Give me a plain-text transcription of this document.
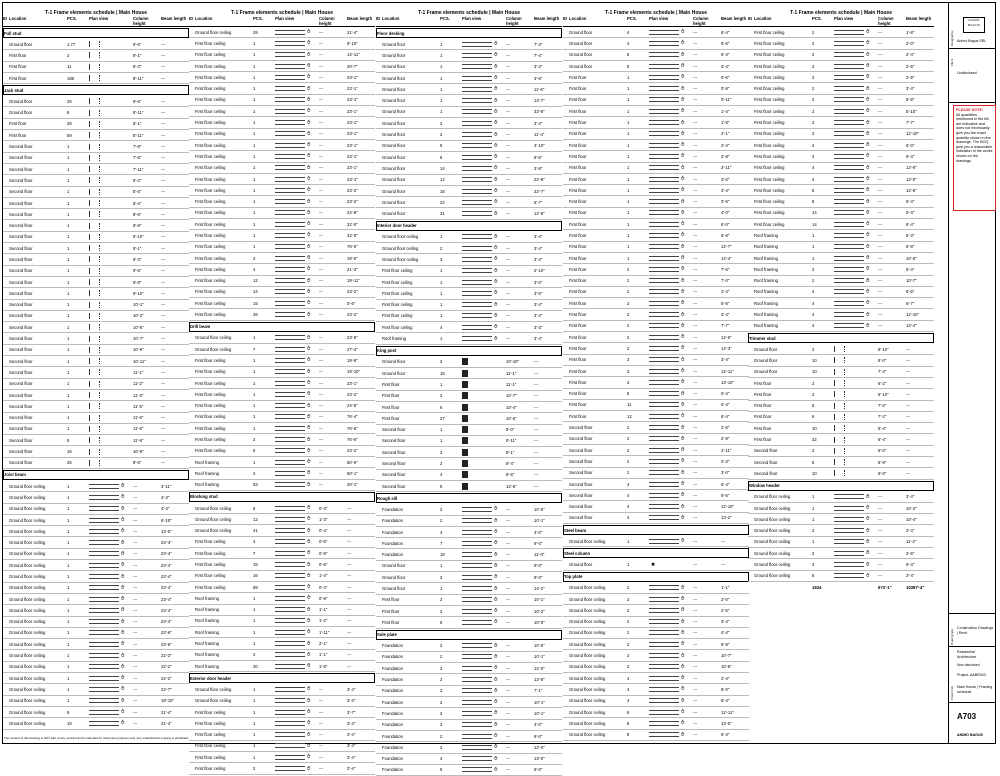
T-1 Frame elements schedule | Main House
ID Location	PCS.	Plan view	Column height
Beam length
Full stud
Ground floor	1.77	9'-6"	---
First floor	2	9'-1"	---
First floor	11	8'-3"	---
First floor	188	8'-11"	---
Jack stud
Ground floor	26	9'-6"	---
Ground floor	8	8'-11"	---
First floor	28	8'-1"	---
First floor	59	8'-11"	---
Second floor	1	7'-8"	---
Second floor	1	7'-6"	---
Second floor	1	7'-11"	---
Second floor	1	8'-2"	---
Second floor	1	8'-5"	---
Second floor	1	8'-4"	---
Second floor	1	8'-6"	---
Second floor	1	8'-8"	---
Second floor	1	8'-10"	---
Second floor	1	9'-1"	---
Second floor	1	9'-3"	---
Second floor	1	9'-5"	---
Second floor	1	9'-8"	---
Second floor	1	9'-10"	---
Second floor	1	10'-1"	---
Second floor	1	10'-2"	---
Second floor	1	10'-5"	---
Second floor	1	10'-7"	---
Second floor	1	10'-9"	---
Second floor	1	10'-11"	---
Second floor	1	11'-1"	---
Second floor	1	11'-2"	---
Second floor	1	11'-3"	---
Second floor	1	11'-5"	---
Second floor	1	11'-6"	---
Second floor	1	11'-8"	---
Second floor	5	11'-9"	---
Second floor	16	10'-9"	---
Second floor	25	8'-6"	---
Joist beam
Ground floor ceiling	1	⥀ ---	3'-11"
Ground floor ceiling	1	⥀ ---	4'-3"
Ground floor ceiling	1	⥀ ---	4'-3"
Ground floor ceiling	1	⥀ ---	6'-10"
Ground floor ceiling	1	⥀ ---	13'-0"
Ground floor ceiling	1	⥀ ---	23'-4"
Ground floor ceiling	1	⥀ ---	23'-4"
Ground floor ceiling	1	⥀ ---	23'-4"
Ground floor ceiling	1	⥀ ---	23'-4"
Ground floor ceiling	1	⥀ ---	23'-4"
Ground floor ceiling	1	⥀ ---	23'-4"
Ground floor ceiling	1	⥀ ---	23'-4"
Ground floor ceiling	1	⥀ ---	23'-4"
Ground floor ceiling	1	⥀ ---	23'-6"
Ground floor ceiling	1	⥀ ---	23'-6"
Ground floor ceiling	1	⥀ ---	22'-3"
Ground floor ceiling	1	⥀ ---	22'-2"
Ground floor ceiling	1	⥀ ---	22'-2"
Ground floor ceiling	1	⥀ ---	22'-7"
Ground floor ceiling	1	⥀ ---	19'-10"
Ground floor ceiling	9	⥀ ---	21'-4"
Ground floor ceiling	18	⥀ ---	21'-4"
T-1 Frame elements schedule | Main House
ID Location	PCS.	Plan view	Column height
Beam length
Ground floor ceiling	29	⥀ ---	21'-4"
First floor ceiling	1	⥀ ---	9'-10"
First floor ceiling	1	⥀ ---	14'-11"
First floor ceiling	1	⥀ ---	20'-7"
First floor ceiling	1	⥀ ---	23'-1"
First floor ceiling	1	⥀ ---	23'-1"
First floor ceiling	1	⥀ ---	23'-1"
First floor ceiling	1	⥀ ---	23'-1"
First floor ceiling	1	⥀ ---	23'-1"
First floor ceiling	1	⥀ ---	23'-1"
First floor ceiling	1	⥀ ---	23'-1"
First floor ceiling	1	⥀ ---	23'-1"
First floor ceiling	1	⥀ ---	23'-1"
First floor ceiling	1	⥀ ---	23'-1"
First floor ceiling	1	⥀ ---	23'-2"
First floor ceiling	1	⥀ ---	23'-2"
First floor ceiling	1	⥀ ---	24'-9"
First floor ceiling	1	⥀ ---	32'-0"
First floor ceiling	1	⥀ ---	32'-0"
First floor ceiling	1	⥀ ---	76'-5"
First floor ceiling	3	⥀ ---	19'-0"
First floor ceiling	4	⥀ ---	21'-3"
First floor ceiling	12	⥀ ---	19'-11"
First floor ceiling	14	⥀ ---	23'-2"
First floor ceiling	15	⥀ ---	0'-6"
First floor ceiling	26	⥀ ---	23'-2"
Drill beam
Ground floor ceiling	1	⥀ ---	23'-8"
Ground floor ceiling	7	⥀ ---	27'-4"
First floor ceiling	1	⥀ ---	19'-8"
First floor ceiling	1	⥀ ---	19'-10"
First floor ceiling	1	⥀ ---	23'-1"
First floor ceiling	1	⥀ ---	23'-2"
First floor ceiling	1	⥀ ---	24'-8"
First floor ceiling	1	⥀ ---	76'-4"
First floor ceiling	1	⥀ ---	76'-5"
First floor ceiling	2	⥀ ---	76'-6"
First floor ceiling	6	⥀ ---	23'-2"
Roof framing	1	⥀ ---	50'-6"
Roof framing	2	⥀ ---	50'-1"
Roof framing	53	⥀ ---	20'-1"
Blocking stud
Ground floor ceiling	6	⥀ 0'-3"	---
Ground floor ceiling	12	⥀ 1'-3"	---
Ground floor ceiling	41	⥀ 0'-4"	---
First floor ceiling	4	⥀ 0'-5"	---
First floor ceiling	7	⥀ 0'-9"	---
First floor ceiling	15	⥀ 0'-6"	---
First floor ceiling	16	⥀ 1'-4"	---
First floor ceiling	89	⥀ 0'-4"	---
Roof framing	1	⥀ 0'-9"	---
Roof framing	1	⥀ 1'-1"	---
Roof framing	1	⥀ 1'-2"	---
Roof framing	1	⥀ 1'-11"	---
Roof framing	1	⥀ 2'-1"	---
Roof framing	2	⥀ 1'-1"	---
Roof framing	20	⥀ 1'-8"	---
Exterior door header
Ground floor ceiling	1	⥀ ---	3'-4"
Ground floor ceiling	1	⥀ ---	3'-4"
First floor ceiling	1	⥀ ---	3'-7"
First floor ceiling	1	⥀ ---	3'-4"
First floor ceiling	1	⥀ ---	3'-4"
First floor ceiling	1	⥀ ---	3'-4"
First floor ceiling	1	⥀ ---	3'-4"
First floor ceiling	2	⥀ ---	3'-4"
T-1 Frame elements schedule | Main House
ID Location	PCS.	Plan view	Column height
Beam length
Floor decking
Ground floor	1	⥀ ---	7'-3"
Ground floor	1	⥀ ---	7'-4"
Ground floor	1	⥀ ---	3'-3"
Ground floor	1	⥀ ---	3'-6"
Ground floor	1	⥀ ---	11'-6"
Ground floor	1	⥀ ---	13'-7"
Ground floor	1	⥀ ---	33'-8"
Ground floor	2	⥀ ---	3'-4"
Ground floor	2	⥀ ---	11'-4"
Ground floor	6	⥀ ---	4'-10"
Ground floor	6	⥀ ---	8'-6"
Ground floor	14	⥀ ---	3'-8"
Ground floor	14	⥀ ---	22'-6"
Ground floor	18	⥀ ---	22'-7"
Ground floor	22	⥀ ---	6'-7"
Ground floor	31	⥀ ---	12'-6"
Interior door header
Ground floor ceiling	1	⥀ ---	3'-4"
Ground floor ceiling	2	⥀ ---	3'-4"
Ground floor ceiling	3	⥀ ---	3'-4"
First floor ceiling	1	⥀ ---	2'-10"
First floor ceiling	1	⥀ ---	3'-0"
First floor ceiling	1	⥀ ---	3'-0"
First floor ceiling	1	⥀ ---	3'-4"
First floor ceiling	1	⥀ ---	3'-4"
First floor ceiling	4	⥀ ---	3'-3"
Roof framing	1	⥀ ---	3'-4"
King post
Ground floor	2	10'-10"	---
Ground floor	16	11'-1"	---
First floor	1	11'-1"	---
First floor	2	10'-7"	---
First floor	6	10'-4"	---
First floor	27	10'-5"	---
Second floor	1	8'-0"	---
Second floor	1	9'-11"	---
Second floor	2	8'-1"	---
Second floor	2	8'-4"	---
Second floor	4	8'-8"	---
Second floor	5	12'-6"	---
Rough sill
Foundation	2	⥀ ---	10'-0"
Foundation	2	⥀ ---	10'-1"
Foundation	4	⥀ ---	4'-0"
Foundation	7	⥀ ---	9'-0"
Foundation	18	⥀ ---	11'-0"
Ground floor	1	⥀ ---	9'-0"
Ground floor	2	⥀ ---	9'-0"
Ground floor	1	⥀ ---	14'-2"
First floor	2	⥀ ---	10'-1"
First floor	2	⥀ ---	10'-2"
First floor	6	⥀ ---	10'-0"
Sole plate
Foundation	2	⥀ ---	10'-0"
Foundation	2	⥀ ---	10'-1"
Foundation	2	⥀ ---	12'-0"
Foundation	2	⥀ ---	13'-8"
Foundation	2	⥀ ---	7'-1"
Foundation	2	⥀ ---	10'-1"
Foundation	2	⥀ ---	10'-1"
Foundation	2	⥀ ---	4'-0"
Foundation	2	⥀ ---	9'-0"
Foundation	2	⥀ ---	12'-0"
Foundation	4	⥀ ---	13'-0"
Foundation	6	⥀ ---	6'-0"
T-1 Frame elements schedule | Main House
ID Location	PCS.	Plan view	Column height
Beam length
Ground floor	4	⥀ ---	6'-4"
Ground floor	4	⥀ ---	6'-6"
Ground floor	6	⥀ ---	6'-4"
Ground floor	8	⥀ ---	3'-4"
First floor	1	⥀ ---	0'-6"
First floor	1	⥀ ---	0'-8"
First floor	1	⥀ ---	0'-11"
First floor	1	⥀ ---	1'-4"
First floor	1	⥀ ---	1'-8"
First floor	1	⥀ ---	2'-1"
First floor	1	⥀ ---	2'-4"
First floor	1	⥀ ---	2'-8"
First floor	1	⥀ ---	2'-11"
First floor	1	⥀ ---	3'-0"
First floor	1	⥀ ---	3'-4"
First floor	1	⥀ ---	3'-6"
First floor	1	⥀ ---	4'-0"
First floor	1	⥀ ---	6'-0"
First floor	1	⥀ ---	6'-8"
First floor	1	⥀ ---	12'-7"
First floor	1	⥀ ---	14'-4"
First floor	2	⥀ ---	7'-6"
First floor	2	⥀ ---	7'-0"
First floor	2	⥀ ---	2'-4"
First floor	2	⥀ ---	5'-8"
First floor	2	⥀ ---	3'-4"
First floor	2	⥀ ---	7'-7"
First floor	2	⥀ ---	12'-6"
First floor	2	⥀ ---	14'-3"
First floor	3	⥀ ---	3'-4"
First floor	3	⥀ ---	12'-11"
First floor	3	⥀ ---	13'-10"
First floor	6	⥀ ---	5'-4"
First floor	11	⥀ ---	5'-4"
First floor	12	⥀ ---	6'-4"
Second floor	2	⥀ ---	2'-6"
Second floor	2	⥀ ---	2'-8"
Second floor	2	⥀ ---	2'-11"
Second floor	2	⥀ ---	2'-3"
Second floor	2	⥀ ---	3'-0"
Second floor	4	⥀ ---	6'-4"
Second floor	4	⥀ ---	6'-6"
Second floor	4	⥀ ---	12'-10"
Second floor	4	⥀ ---	13'-2"
Steel beam
Ground floor ceiling	1	⥀ ---	---
Steel column
Ground floor	1	✖	---	---
Top plate
Ground floor ceiling	2	⥀ ---	1'-1"
Ground floor ceiling	2	⥀ ---	2'-0"
Ground floor ceiling	2	⥀ ---	2'-5"
Ground floor ceiling	2	⥀ ---	3'-4"
Ground floor ceiling	2	⥀ ---	4'-4"
Ground floor ceiling	2	⥀ ---	9'-8"
Ground floor ceiling	2	⥀ ---	10'-7"
Ground floor ceiling	2	⥀ ---	10'-8"
Ground floor ceiling	4	⥀ ---	2'-4"
Ground floor ceiling	4	⥀ ---	6'-0"
Ground floor ceiling	4	⥀ ---	8'-4"
Ground floor ceiling	6	⥀ ---	12'-11"
Ground floor ceiling	6	⥀ ---	13'-0"
Ground floor ceiling	8	⥀ ---	6'-4"
T-1 Frame elements schedule | Main House
ID Location	PCS.	Plan view	Column height
Beam length
First floor ceiling	2	⥀ ---	1'-8"
First floor ceiling	2	⥀ ---	2'-0"
First floor ceiling	2	⥀ ---	2'-4"
First floor ceiling	2	⥀ ---	2'-6"
First floor ceiling	2	⥀ ---	2'-8"
First floor ceiling	2	⥀ ---	3'-4"
First floor ceiling	2	⥀ ---	5'-8"
First floor ceiling	2	⥀ ---	5'-10"
First floor ceiling	2	⥀ ---	7'-7"
First floor ceiling	2	⥀ ---	12'-10"
First floor ceiling	4	⥀ ---	6'-0"
First floor ceiling	4	⥀ ---	6'-4"
First floor ceiling	4	⥀ ---	12'-9"
First floor ceiling	4	⥀ ---	13'-0"
First floor ceiling	6	⥀ ---	12'-8"
First floor ceiling	8	⥀ ---	6'-4"
First floor ceiling	14	⥀ ---	5'-4"
First floor ceiling	14	⥀ ---	6'-4"
Roof framing	1	⥀ ---	6'-3"
Roof framing	1	⥀ ---	6'-8"
Roof framing	1	⥀ ---	10'-0"
Roof framing	2	⥀ ---	5'-4"
Roof framing	2	⥀ ---	10'-7"
Roof framing	4	⥀ ---	6'-6"
Roof framing	4	⥀ ---	6'-7"
Roof framing	4	⥀ ---	12'-10"
Roof framing	4	⥀ ---	13'-4"
Trimmer stud
Ground floor	2	8'-10"	---
Ground floor	10	8'-0"	---
Ground floor	10	7'-4"	---
First floor	2	6'-2"	---
First floor	2	6'-10"	---
First floor	6	7'-0"	---
First floor	6	7'-2"	---
First floor	10	6'-4"	---
First floor	22	6'-4"	---
Second floor	2	6'-0"	---
Second floor	6	6'-8"	---
Second floor	10	6'-0"	---
Window header
Ground floor ceiling	1	⥀ ---	3'-4"
Ground floor ceiling	1	⥀ ---	10'-2"
Ground floor ceiling	1	⥀ ---	10'-4"
Ground floor ceiling	2	⥀ ---	3'-4"
Ground floor ceiling	1	⥀ ---	11'-2"
Ground floor ceiling	2	⥀ ---	2'-6"
Ground floor ceiling	3	⥀ ---	6'-4"
Ground floor ceiling	5	⥀ ---	3'-4"
1634	673'-1"	10387'-4"
Designed by
ANIMO
BAGUS
Animo Bagus SRL
Client
Undisclosed
PLEASE NOTE:
All quantities mentioned in the bill are indicative and does not necessarily give you the exact quantity shown in the drawings. The BOQ give you a reasonable indication of the works shown on the drawings.
Drawing type
Construction Drawings | Revit
Project info
Residential Architecture
Non disclosed
Project: AABR003
Main House | Framing schedule
A703
ANIMO BAGUS
The content of this drawing is NOT part of any contract and is intended for reference purposes only. Any unauthorized copying is prohibited.
